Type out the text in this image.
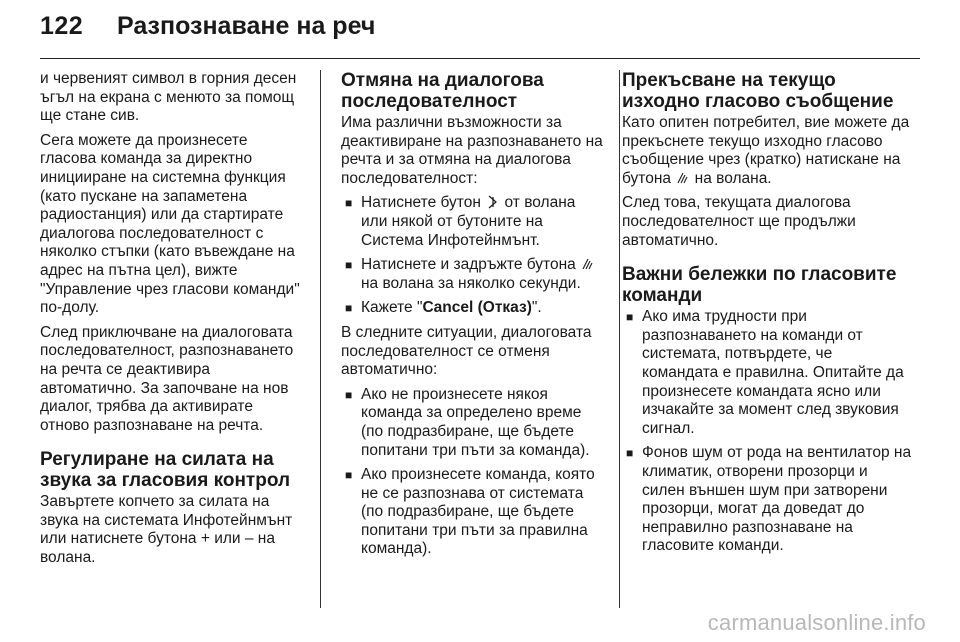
122 Разпознаване на реч

и червеният символ в горния десен ъгъл на екрана с менюто за помощ ще стане сив.

Сега можете да произнесете гласова команда за директно иницииране на системна функция (като пускане на запаметена радиостанция) или да стартирате диалогова последователност с няколко стъпки (като въвеждане на адрес на пътна цел), вижте "Управление чрез гласови команди" по-долу.

След приключване на диалоговата последователност, разпознаването на речта се деактивира автоматично. За започване на нов диалог, трябва да активирате отново разпознаване на речта.

Регулиране на силата на звука за гласовия контрол

Завъртете копчето за силата на звука на системата Инфотейнмънт или натиснете бутона + или – на волана.

Отмяна на диалогова последователност

Има различни възможности за деактивиране на разпознаването на речта и за отмяна на диалогова последователност:

■ Натиснете бутон от волана или някой от бутоните на Система Инфотейнмънт.
■ Натиснете и задръжте бутона  на волана за няколко секунди.
■ Кажете "Cancel (Отказ)".

В следните ситуации, диалоговата последователност се отменя автоматично:

■ Ако не произнесете някоя команда за определено време (по подразбиране, ще бъдете попитани три пъти за команда).
■ Ако произнесете команда, която не се разпознава от системата (по подразбиране, ще бъдете попитани три пъти за правилна команда).
Прекъсване на текущо изходно гласово съобщение

Като опитен потребител, вие можете да прекъснете текущо изходно гласово съобщение чрез (кратко) натискане на бутона на волана.

След това, текущата диалогова последователност ще продължи автоматично.

Важни бележки по гласовите команди
■ Ако има трудности при разпознаването на команди от системата, потвърдете, че командата е правилна. Опитайте да произнесете командата ясно или изчакайте за момент след звуковия сигнал.
■ Фонов шум от рода на вентилатор на климатик, отворени прозорци и силен външен шум при затворени прозорци, могат да доведат до неправилно разпознаване на гласовите команди.
carmanualsonline.info
